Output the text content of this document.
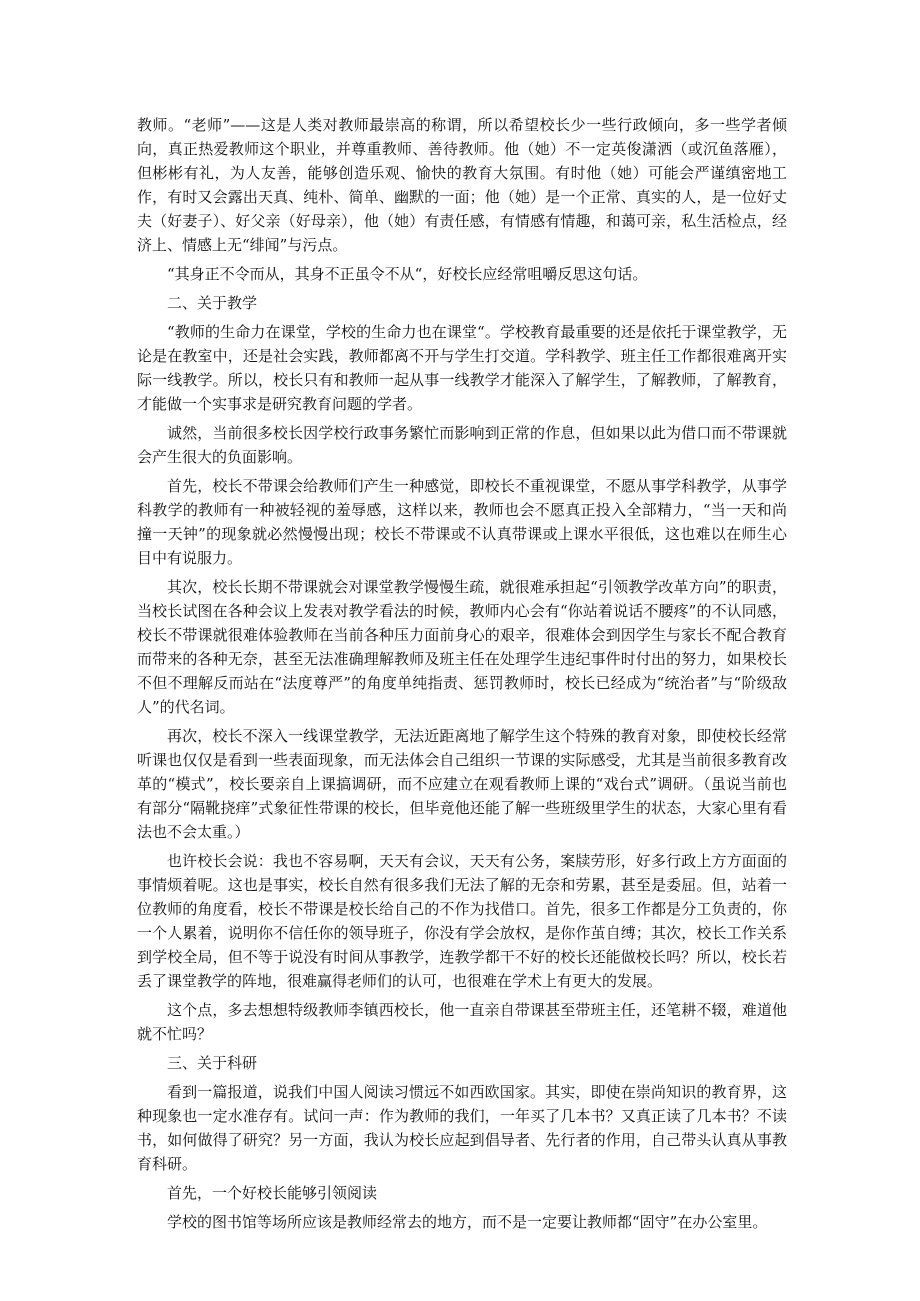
教师。“老师”——这是人类对教师最崇高的称谓，所以希望校长少一些行政倾向，多一些学者倾向，真正热爱教师这个职业，并尊重教师、善待教师。他（她）不一定英俊潇洒（或沉鱼落雁），但彬彬有礼，为人友善，能够创造乐观、愉快的教育大氛围。有时他（她）可能会严谨缜密地工作，有时又会露出天真、纯朴、简单、幽默的一面；他（她）是一个正常、真实的人，是一位好丈夫（好妻子）、好父亲（好母亲），他（她）有责任感，有情感有情趣，和蔼可亲，私生活检点，经济上、情感上无“绯闻”与污点。

“其身正不令而从，其身不正虽令不从“，好校长应经常咀嚼反思这句话。

二、关于教学

“教师的生命力在课堂，学校的生命力也在课堂“。学校教育最重要的还是依托于课堂教学，无论是在教室中，还是社会实践，教师都离不开与学生打交道。学科教学、班主任工作都很难离开实际一线教学。所以，校长只有和教师一起从事一线教学才能深入了解学生，了解教师，了解教育，才能做一个实事求是研究教育问题的学者。

诚然，当前很多校长因学校行政事务繁忙而影响到正常的作息，但如果以此为借口而不带课就会产生很大的负面影响。

首先，校长不带课会给教师们产生一种感觉，即校长不重视课堂，不愿从事学科教学，从事学科教学的教师有一种被轻视的羞辱感，这样以来，教师也会不愿真正投入全部精力，“当一天和尚撞一天钟”的现象就必然慢慢出现；校长不带课或不认真带课或上课水平很低，这也难以在师生心目中有说服力。

其次，校长长期不带课就会对课堂教学慢慢生疏，就很难承担起“引领教学改革方向”的职责，当校长试图在各种会议上发表对教学看法的时候，教师内心会有“你站着说话不腰疼”的不认同感，校长不带课就很难体验教师在当前各种压力面前身心的艰辛，很难体会到因学生与家长不配合教育而带来的各种无奈，甚至无法准确理解教师及班主任在处理学生违纪事件时付出的努力，如果校长不但不理解反而站在“法度尊严”的角度单纯指责、惩罚教师时，校长已经成为“统治者”与“阶级敌人”的代名词。

再次，校长不深入一线课堂教学，无法近距离地了解学生这个特殊的教育对象，即使校长经常听课也仅仅是看到一些表面现象，而无法体会自己组织一节课的实际感受，尤其是当前很多教育改革的“模式”，校长要亲自上课搞调研，而不应建立在观看教师上课的“戏台式”调研。（虽说当前也有部分“隔靴挠痒”式象征性带课的校长，但毕竟他还能了解一些班级里学生的状态，大家心里有看法也不会太重。）

也许校长会说：我也不容易啊，天天有会议，天天有公务，案牍劳形，好多行政上方方面面的事情烦着呢。这也是事实，校长自然有很多我们无法了解的无奈和劳累，甚至是委屈。但，站着一位教师的角度看，校长不带课是校长给自己的不作为找借口。首先，很多工作都是分工负责的，你一个人累着，说明你不信任你的领导班子，你没有学会放权，是你作茧自缚；其次，校长工作关系到学校全局，但不等于说没有时间从事教学，连教学都干不好的校长还能做校长吗？所以，校长若丢了课堂教学的阵地，很难赢得老师们的认可，也很难在学术上有更大的发展。

这个点，多去想想特级教师李镇西校长，他一直亲自带课甚至带班主任，还笔耕不辍，难道他就不忙吗？

三、关于科研

看到一篇报道，说我们中国人阅读习惯远不如西欧国家。其实，即使在崇尚知识的教育界，这种现象也一定水准存有。试问一声：作为教师的我们，一年买了几本书？又真正读了几本书？不读书，如何做得了研究？另一方面，我认为校长应起到倡导者、先行者的作用，自己带头认真从事教育科研。

首先，一个好校长能够引领阅读

学校的图书馆等场所应该是教师经常去的地方，而不是一定要让教师都“固守”在办公室里。
